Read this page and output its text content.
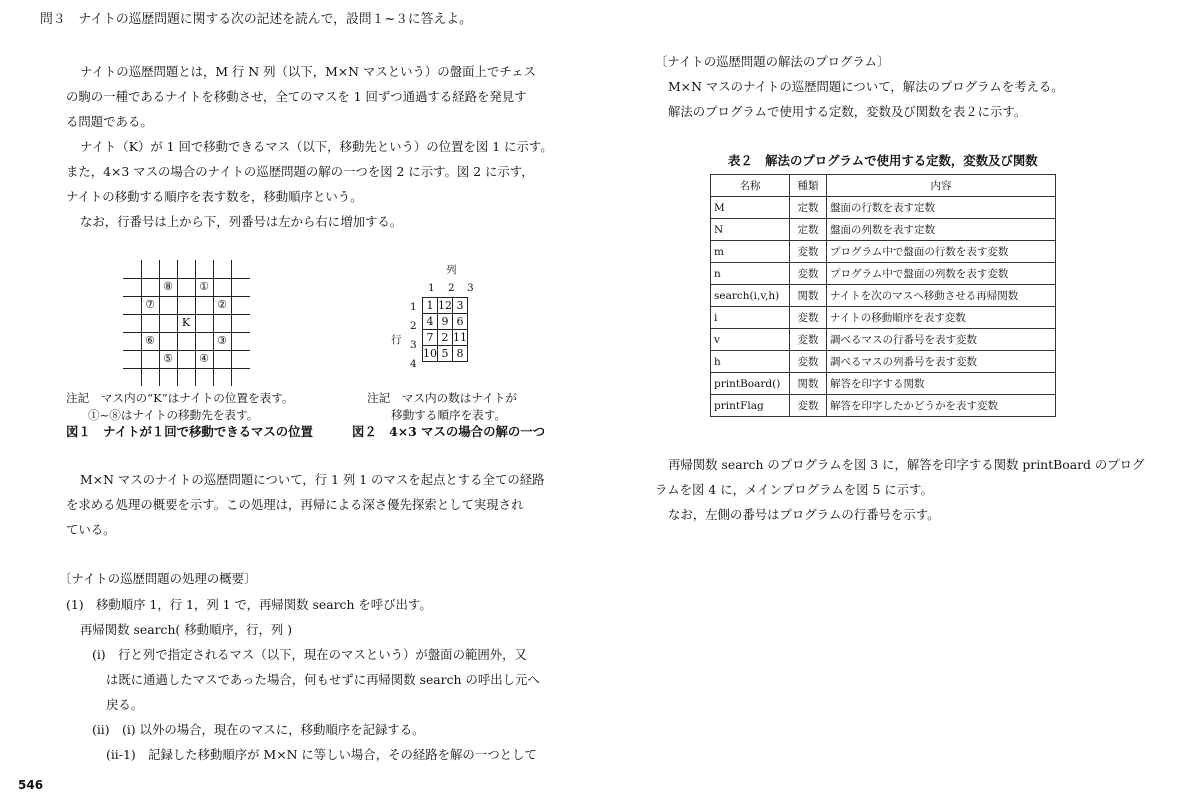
問３　ナイトの巡歴問題に関する次の記述を読んで，設問１~３に答えよ。
ナイトの巡歴問題とは，M 行 N 列（以下，M×N マスという）の盤面上でチェス
の駒の一種であるナイトを移動させ，全てのマスを 1 回ずつ通過する経路を発見す
る問題である。
ナイト（K）が 1 回で移動できるマス（以下，移動先という）の位置を図 1 に示す。
また，4×3 マスの場合のナイトの巡歴問題の解の一つを図 2 に示す。図 2 に示す，
ナイトの移動する順序を表す数を，移動順序という。
なお，行番号は上から下，列番号は左から右に増加する。
⑧	①
⑦	②
K
⑥	③
⑤	④
注記　マス内の“K”はナイトの位置を表す。
①~⑧はナイトの移動先を表す。
図１　ナイトが１回で移動できるマスの位置
列
1 2 3
行
1
2
3
4
1	12	3
4	9	6
7	2	11
10	5	8
注記　マス内の数はナイトが
移動する順序を表す。
図２　4×3 マスの場合の解の一つ
M×N マスのナイトの巡歴問題について，行 1 列 1 のマスを起点とする全ての経路
を求める処理の概要を示す。この処理は，再帰による深さ優先探索として実現され
ている。
〔ナイトの巡歴問題の処理の概要〕
(1)　移動順序 1，行 1，列 1 で，再帰関数 search を呼び出す。
再帰関数 search( 移動順序，行，列 )
(i)　行と列で指定されるマス（以下，現在のマスという）が盤面の範囲外，又
は既に通過したマスであった場合，何もせずに再帰関数 search の呼出し元へ
戻る。
(ii)　(i) 以外の場合，現在のマスに，移動順序を記録する。
(ii-1)　記録した移動順序が M×N に等しい場合，その経路を解の一つとして
546
〔ナイトの巡歴問題の解法のプログラム〕
M×N マスのナイトの巡歴問題について，解法のプログラムを考える。
解法のプログラムで使用する定数，変数及び関数を表２に示す。
表２　解法のプログラムで使用する定数，変数及び関数
名称	種類	内容
M	定数	盤面の行数を表す定数
N	定数	盤面の列数を表す定数
m	変数	プログラム中で盤面の行数を表す変数
n	変数	プログラム中で盤面の列数を表す変数
search(i,v,h)	関数	ナイトを次のマスへ移動させる再帰関数
i	変数	ナイトの移動順序を表す変数
v	変数	調べるマスの行番号を表す変数
h	変数	調べるマスの列番号を表す変数
printBoard()	関数	解答を印字する関数
printFlag	変数	解答を印字したかどうかを表す変数
再帰関数 search のプログラムを図 3 に，解答を印字する関数 printBoard のプログ
ラムを図 4 に，メインプログラムを図 5 に示す。
なお，左側の番号はプログラムの行番号を示す。
